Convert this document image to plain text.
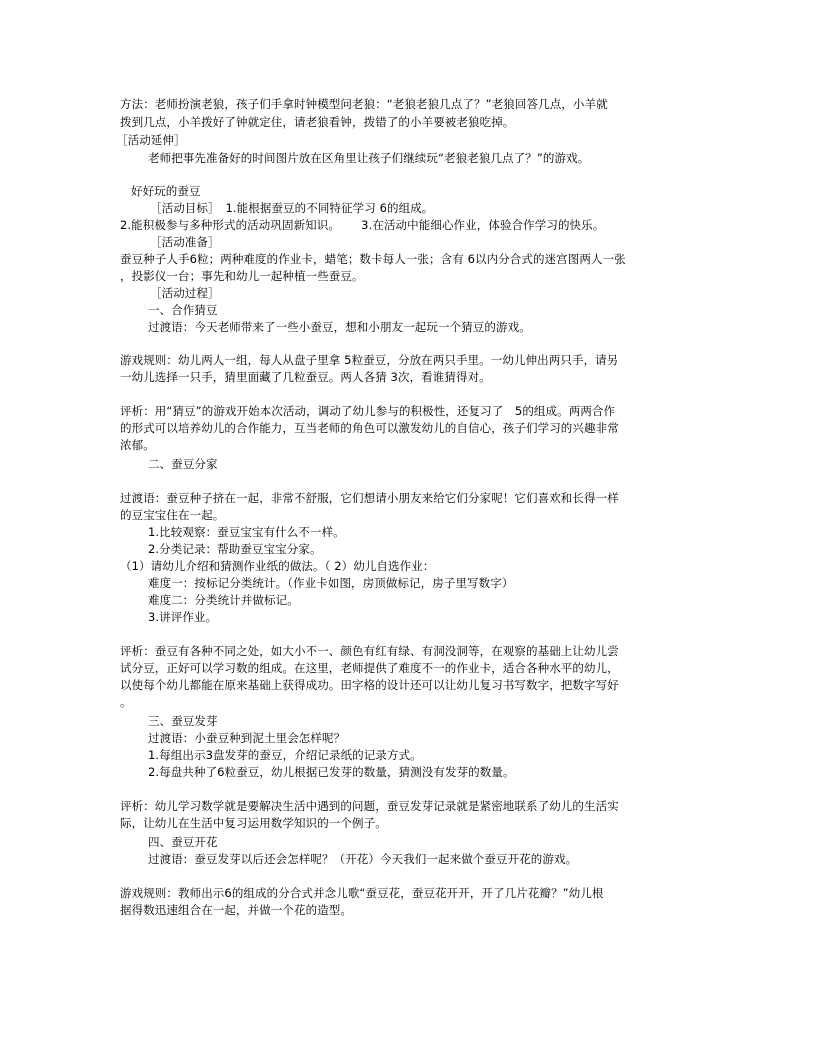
方法：老师扮演老狼，孩子们手拿时钟模型问老狼：“老狼老狼几点了？”老狼回答几点，小羊就
拨到几点，小羊拨好了钟就定住，请老狼看钟，拨错了的小羊要被老狼吃掉。
［活动延伸］
老师把事先准备好的时间图片放在区角里让孩子们继续玩“老狼老狼几点了？”的游戏。
好好玩的蚕豆
［活动目标］　1.能根据蚕豆的不同特征学习 6的组成。
2.能积极参与多种形式的活动巩固新知识。　　 3.在活动中能细心作业，体验合作学习的快乐。
［活动准备］
蚕豆种子人手6粒；两种难度的作业卡，蜡笔；数卡每人一张；含有 6以内分合式的迷宫图两人一张
，投影仪一台；事先和幼儿一起种植一些蚕豆。
［活动过程］
一、合作猜豆
过渡语：今天老师带来了一些小蚕豆，想和小朋友一起玩一个猜豆的游戏。
游戏规则：幼儿两人一组，每人从盘子里拿 5粒蚕豆，分放在两只手里。一幼儿伸出两只手，请另
一幼儿选择一只手，猜里面藏了几粒蚕豆。两人各猜 3次，看谁猜得对。
评析：用“猜豆”的游戏开始本次活动，调动了幼儿参与的积极性，还复习了　5的组成。两两合作
的形式可以培养幼儿的合作能力，互当老师的角色可以激发幼儿的自信心，孩子们学习的兴趣非常
浓郁。
二、蚕豆分家
过渡语：蚕豆种子挤在一起，非常不舒服，它们想请小朋友来给它们分家呢！它们喜欢和长得一样
的豆宝宝住在一起。
1.比较观察：蚕豆宝宝有什么不一样。
2.分类记录：帮助蚕豆宝宝分家。
（1）请幼儿介绍和猜测作业纸的做法。（ 2）幼儿自选作业：
难度一：按标记分类统计。（作业卡如图，房顶做标记，房子里写数字）
难度二：分类统计并做标记。
3.讲评作业。
评析：蚕豆有各种不同之处，如大小不一、颜色有红有绿、有洞没洞等，在观察的基础上让幼儿尝
试分豆，正好可以学习数的组成。在这里，老师提供了难度不一的作业卡，适合各种水平的幼儿，
以使每个幼儿都能在原来基础上获得成功。田字格的设计还可以让幼儿复习书写数字，把数字写好
。
三、蚕豆发芽
过渡语：小蚕豆种到泥土里会怎样呢？
1.每组出示3盘发芽的蚕豆，介绍记录纸的记录方式。
2.每盘共种了6粒蚕豆，幼儿根据已发芽的数量，猜测没有发芽的数量。
评析：幼儿学习数学就是要解决生活中遇到的问题，蚕豆发芽记录就是紧密地联系了幼儿的生活实
际，让幼儿在生活中复习运用数学知识的一个例子。
四、蚕豆开花
过渡语：蚕豆发芽以后还会怎样呢？（开花）今天我们一起来做个蚕豆开花的游戏。
游戏规则：教师出示6的组成的分合式并念儿歌“蚕豆花，蚕豆花开开，开了几片花瓣？”幼儿根
据得数迅速组合在一起，并做一个花的造型。
